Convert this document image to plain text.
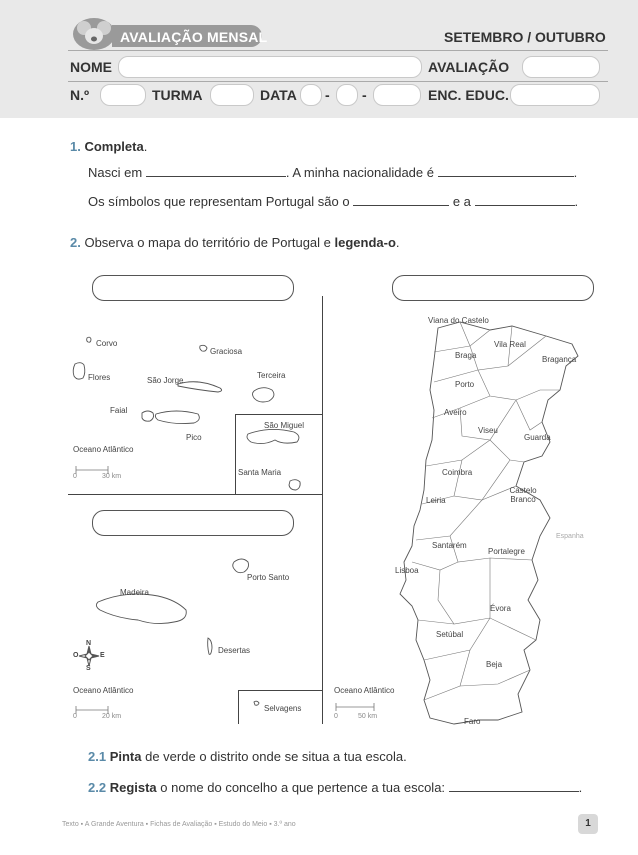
AVALIAÇÃO MENSAL	SETEMBRO / OUTUBRO
NOME	AVALIAÇÃO
N.º	TURMA	DATA - -	ENC. EDUC.
1. Completa.
Nasci em	. A minha nacionalidade é	.
Os símbolos que representam Portugal são o	e a	.
2. Observa o mapa do território de Portugal e legenda-o.
Corvo
Graciosa
Flores	São Jorge
Terceira
Faial
São Miguel
Pico
Santa Maria
Oceano Atlântico
0	30 km
Porto Santo
Madeira
Desertas
Selvagens
N
O	E
S
Oceano Atlântico
0	20 km
Viana do Castelo
Vila Real
Braga	Bragança
Porto
Aveiro
Viseu
Guarda
Coimbra
Castelo Branco
Leiria
Santarém
Portalegre
Lisboa
Évora
Setúbal
Beja
Faro
Espanha
Oceano Atlântico
0	50 km
2.1 Pinta de verde o distrito onde se situa a tua escola.
2.2 Regista o nome do concelho a que pertence a tua escola:	.
Texto ▪ A Grande Aventura ▪ Fichas de Avaliação ▪ Estudo do Meio ▪ 3.º ano	1
